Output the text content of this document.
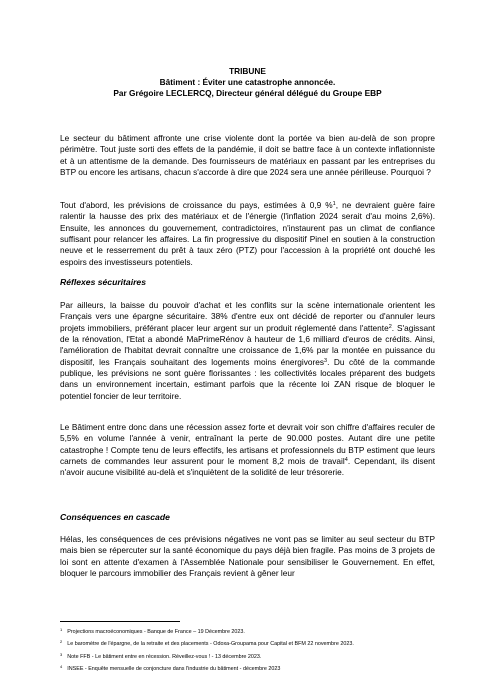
TRIBUNE
Bâtiment : Éviter une catastrophe annoncée.
Par Grégoire LECLERCQ, Directeur général délégué du Groupe EBP

Le secteur du bâtiment affronte une crise violente dont la portée va bien au-delà de son propre périmètre. Tout juste sorti des effets de la pandémie, il doit se battre face à un contexte inflationniste et à un attentisme de la demande. Des fournisseurs de matériaux en passant par les entreprises du BTP ou encore les artisans, chacun s'accorde à dire que 2024 sera une année périlleuse. Pourquoi ?

Tout d'abord, les prévisions de croissance du pays, estimées à 0,9 %$^1$, ne devraient guère faire ralentir la hausse des prix des matériaux et de l'énergie (l'inflation 2024 serait d'au moins 2,6%). Ensuite, les annonces du gouvernement, contradictoires, n'instaurent pas un climat de confiance suffisant pour relancer les affaires. La fin progressive du dispositif Pinel en soutien à la construction neuve et le resserrement du prêt à taux zéro (PTZ) pour l'accession à la propriété ont douché les espoirs des investisseurs potentiels.

Réflexes sécuritaires

Par ailleurs, la baisse du pouvoir d'achat et les conflits sur la scène internationale orientent les Français vers une épargne sécuritaire. 38% d'entre eux ont décidé de reporter ou d'annuler leurs projets immobiliers, préférant placer leur argent sur un produit réglementé dans l'attente$^2$. S'agissant de la rénovation, l'Etat a abondé MaPrimeRénov à hauteur de 1,6 milliard d'euros de crédits. Ainsi, l'amélioration de l'habitat devrait connaître une croissance de 1,6% par la montée en puissance du dispositif, les Français souhaitant des logements moins énergivores$^3$. Du côté de la commande publique, les prévisions ne sont guère florissantes : les collectivités locales préparent des budgets dans un environnement incertain, estimant parfois que la récente loi ZAN risque de bloquer le potentiel foncier de leur territoire.

Le Bâtiment entre donc dans une récession assez forte et devrait voir son chiffre d'affaires reculer de 5,5% en volume l'année à venir, entraînant la perte de 90.000 postes. Autant dire une petite catastrophe ! Compte tenu de leurs effectifs, les artisans et professionnels du BTP estiment que leurs carnets de commandes leur assurent pour le moment 8,2 mois de travail$^4$. Cependant, ils disent n'avoir aucune visibilité au-delà et s'inquiètent de la solidité de leur trésorerie.

Conséquences en cascade

Hélas, les conséquences de ces prévisions négatives ne vont pas se limiter au seul secteur du BTP mais bien se répercuter sur la santé économique du pays déjà bien fragile. Pas moins de 3 projets de loi sont en attente d'examen à l'Assemblée Nationale pour sensibiliser le Gouvernement. En effet, bloquer le parcours immobilier des Français revient à gêner leur

$^1$ Projections macroéconomiques - Banque de France – 19 Décembre 2023.
$^2$ Le baromètre de l'épargne, de la retraite et des placements - Odoxa-Groupama pour Capital et BFM 22 novembre 2023.
$^3$ Note FFB - Le bâtiment entre en récession. Réveillez-vous ! - 13 décembre 2023.
$^4$ INSEE - Enquête mensuelle de conjoncture dans l'industrie du bâtiment - décembre 2023
